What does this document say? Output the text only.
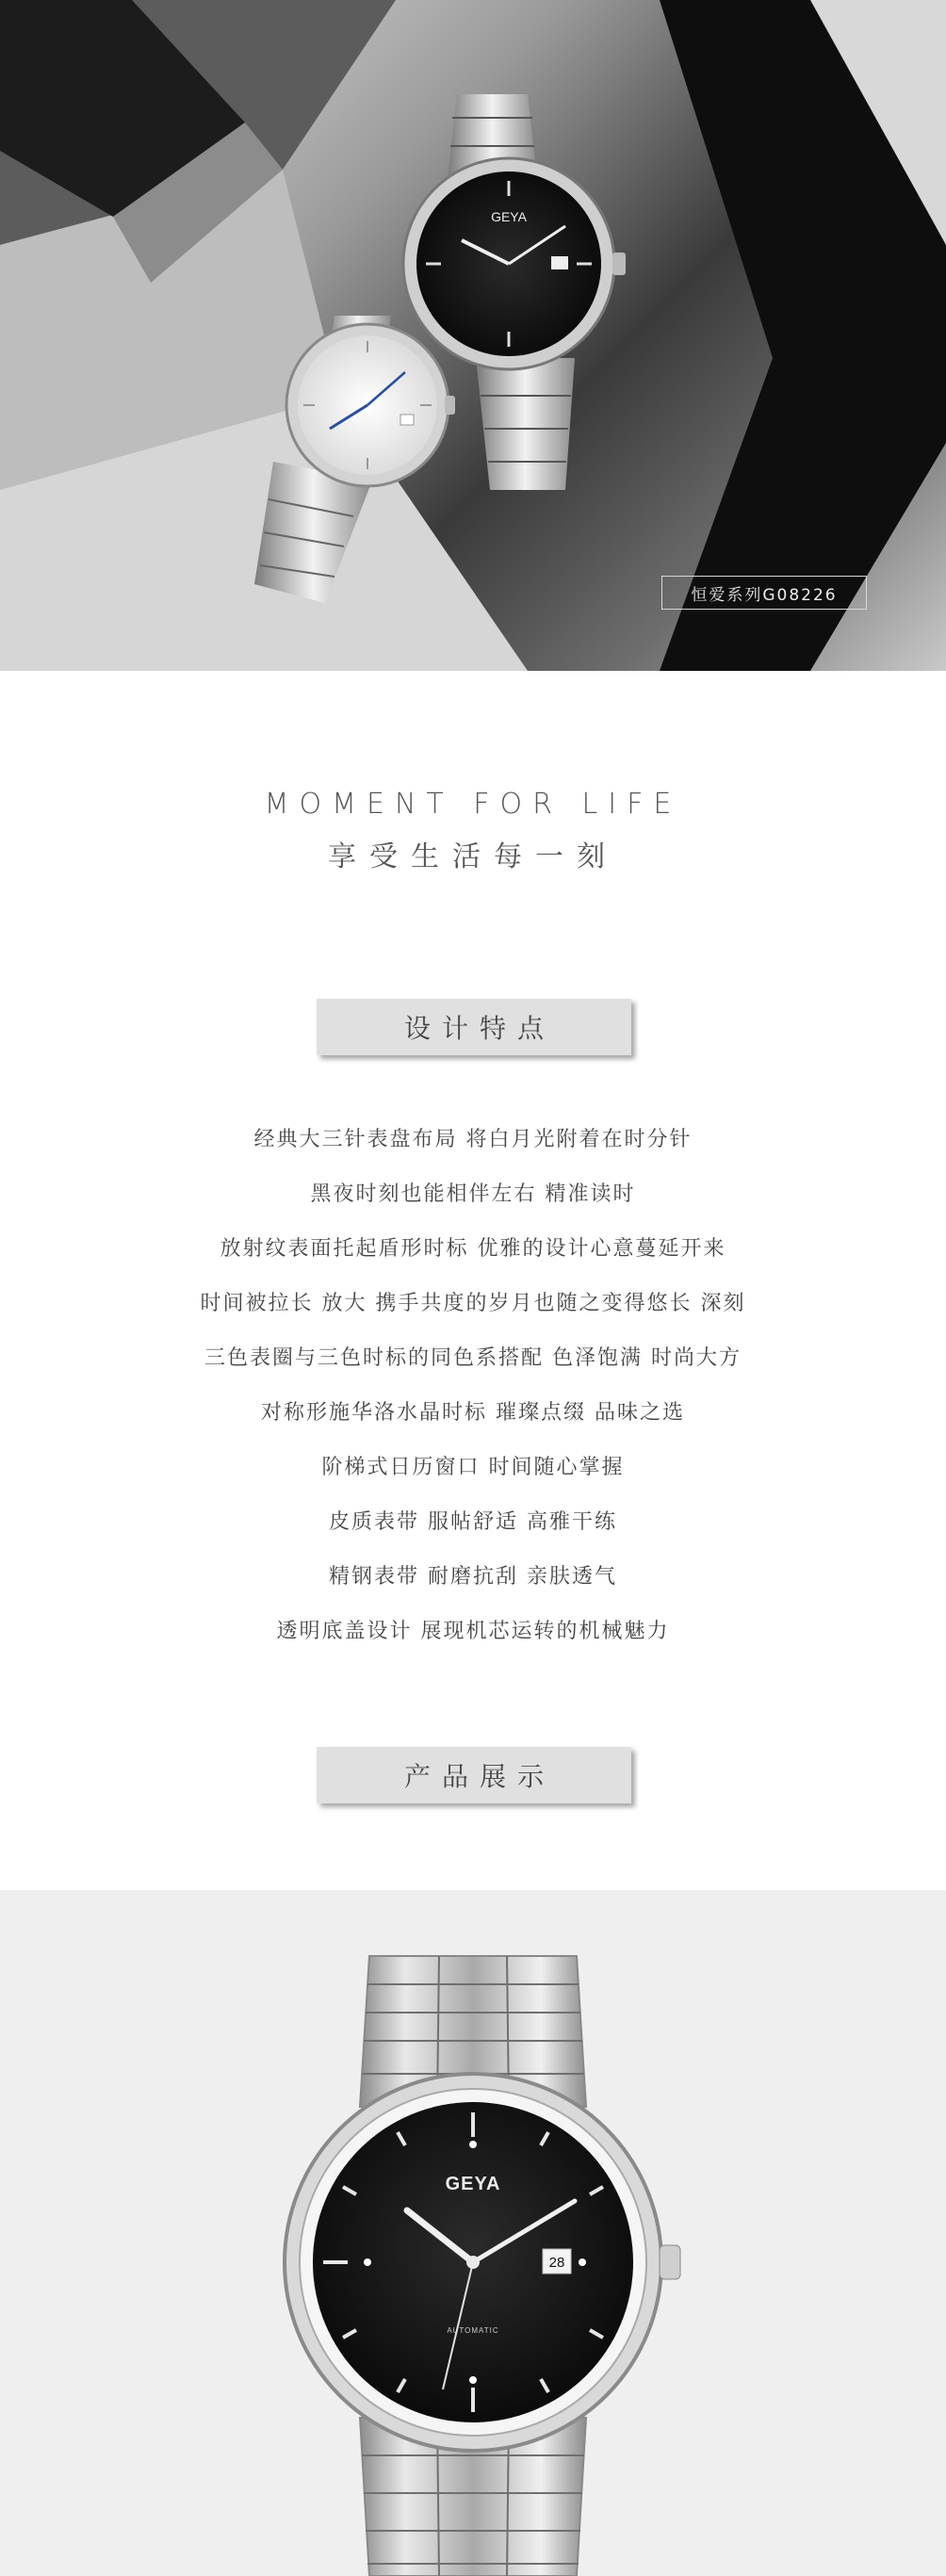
GEYA
恒爱系列G08226
MOMENT FOR LIFE
享受生活每一刻
设计特点
经典大三针表盘布局 将白月光附着在时分针
黑夜时刻也能相伴左右 精准读时
放射纹表面托起盾形时标 优雅的设计心意蔓延开来
时间被拉长 放大 携手共度的岁月也随之变得悠长 深刻
三色表圈与三色时标的同色系搭配 色泽饱满 时尚大方
对称形施华洛水晶时标 璀璨点缀 品味之选
阶梯式日历窗口 时间随心掌握
皮质表带 服帖舒适 高雅干练
精钢表带 耐磨抗刮 亲肤透气
透明底盖设计 展现机芯运转的机械魅力
产品展示
28
GEYA
AUTOMATIC
